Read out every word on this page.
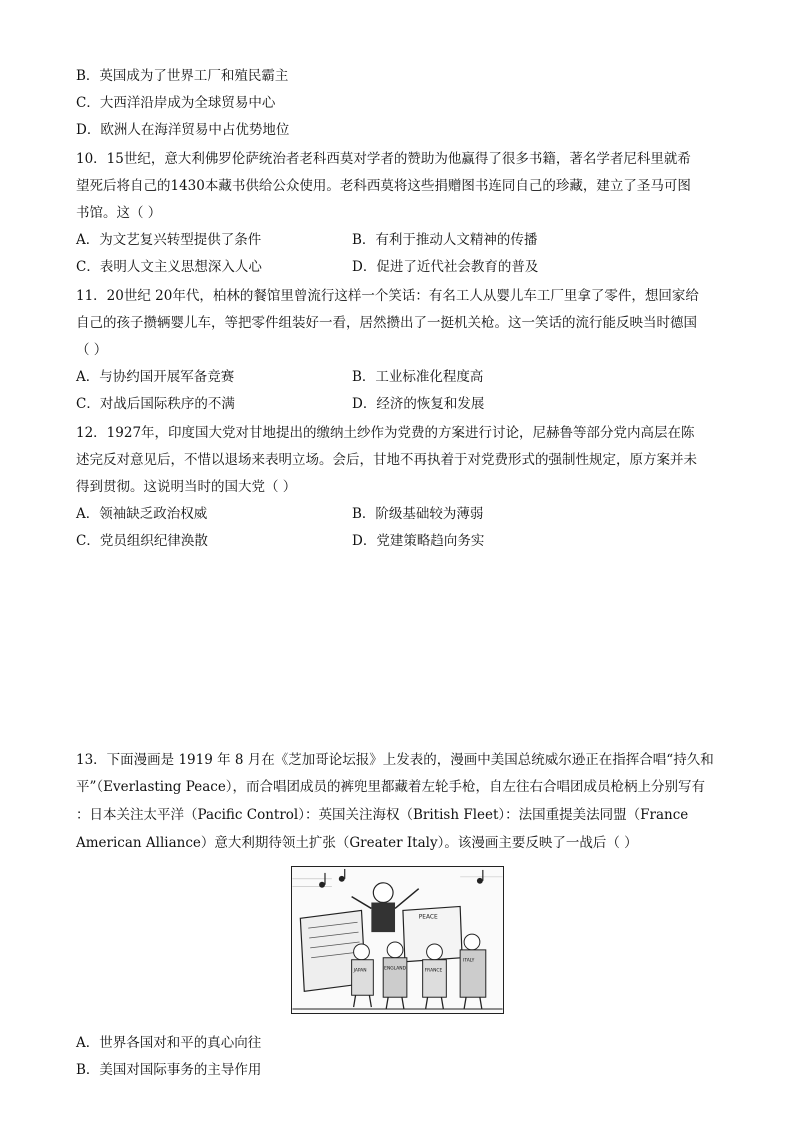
B．英国成为了世界工厂和殖民霸主
C．大西洋沿岸成为全球贸易中心
D．欧洲人在海洋贸易中占优势地位
10．15世纪，意大利佛罗伦萨统治者老科西莫对学者的赞助为他赢得了很多书籍，著名学者尼科里就希
望死后将自己的1430本藏书供给公众使用。老科西莫将这些捐赠图书连同自己的珍藏，建立了圣马可图
书馆。这（ ）
A．为文艺复兴转型提供了条件	B．有利于推动人文精神的传播
C．表明人文主义思想深入人心	D．促进了近代社会教育的普及
11．20世纪 20年代，柏林的餐馆里曾流行这样一个笑话：有名工人从婴儿车工厂里拿了零件，想回家给
自己的孩子攒辆婴儿车，等把零件组装好一看，居然攒出了一挺机关枪。这一笑话的流行能反映当时德国
（ ）
A．与协约国开展军备竞赛	B．工业标准化程度高
C．对战后国际秩序的不满	D．经济的恢复和发展
12．1927年，印度国大党对甘地提出的缴纳土纱作为党费的方案进行讨论，尼赫鲁等部分党内高层在陈
述完反对意见后，不惜以退场来表明立场。会后，甘地不再执着于对党费形式的强制性规定，原方案并未
得到贯彻。这说明当时的国大党（ ）
A．领袖缺乏政治权威	B．阶级基础较为薄弱
C．党员组织纪律涣散	D．党建策略趋向务实
13．下面漫画是 1919 年 8 月在《芝加哥论坛报》上发表的，漫画中美国总统威尔逊正在指挥合唱“持久和
平”（Everlasting Peace），而合唱团成员的裤兜里都藏着左轮手枪，自左往右合唱团成员枪柄上分别写有
：日本关注太平洋（Pacific Control）：英国关注海权（British Fleet）：法国重提美法同盟（France
American Alliance）意大利期待领土扩张（Greater Italy）。该漫画主要反映了一战后（ ）
PEACE
JAPAN	ENGLAND	FRANCE
ITALY
A．世界各国对和平的真心向往
B．美国对国际事务的主导作用
